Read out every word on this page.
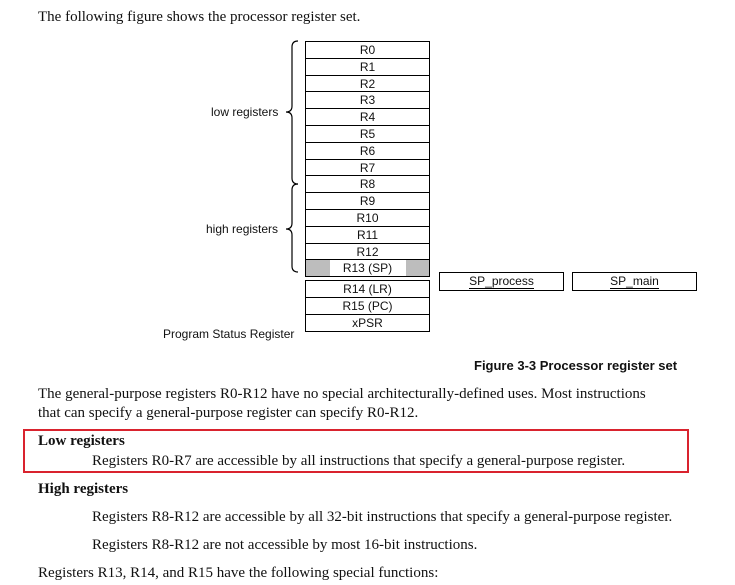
The following figure shows the processor register set.
low registers
high registers
R0
R1
R2
R3
R4
R5
R6
R7
R8
R9
R10
R11
R12
R13 (SP)
R14 (LR)
R15 (PC)
xPSR
SP_process	SP_main
Program Status Register
Figure 3-3 Processor register set
The general-purpose registers R0-R12 have no special architecturally-defined uses. Most instructions
that can specify a general-purpose register can specify R0-R12.
Low registers
Registers R0-R7 are accessible by all instructions that specify a general-purpose register.
High registers
Registers R8-R12 are accessible by all 32-bit instructions that specify a general-purpose register.
Registers R8-R12 are not accessible by most 16-bit instructions.
Registers R13, R14, and R15 have the following special functions:
